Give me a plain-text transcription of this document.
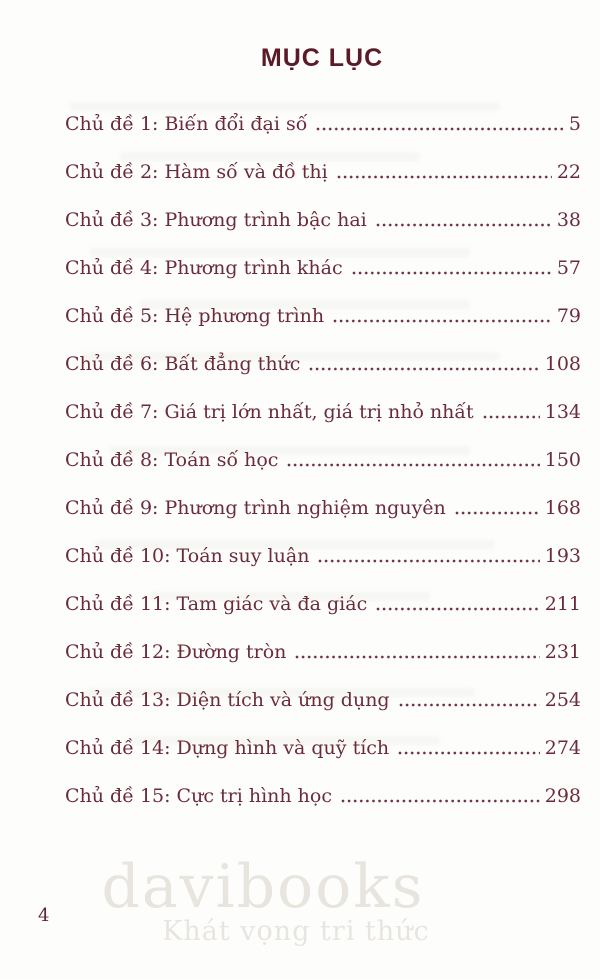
MỤC LỤC
Chủ đề 1: Biến đổi đại số	5
Chủ đề 2: Hàm số và đồ thị	22
Chủ đề 3: Phương trình bậc hai	38
Chủ đề 4: Phương trình khác	57
Chủ đề 5: Hệ phương trình	79
Chủ đề 6: Bất đẳng thức	108
Chủ đề 7: Giá trị lớn nhất, giá trị nhỏ nhất	134
Chủ đề 8: Toán số học	150
Chủ đề 9: Phương trình nghiệm nguyên	168
Chủ đề 10: Toán suy luận	193
Chủ đề 11: Tam giác và đa giác	211
Chủ đề 12: Đường tròn	231
Chủ đề 13: Diện tích và ứng dụng	254
Chủ đề 14: Dựng hình và quỹ tích	274
Chủ đề 15: Cực trị hình học	298
4 davibooks
Khát vọng tri thức
